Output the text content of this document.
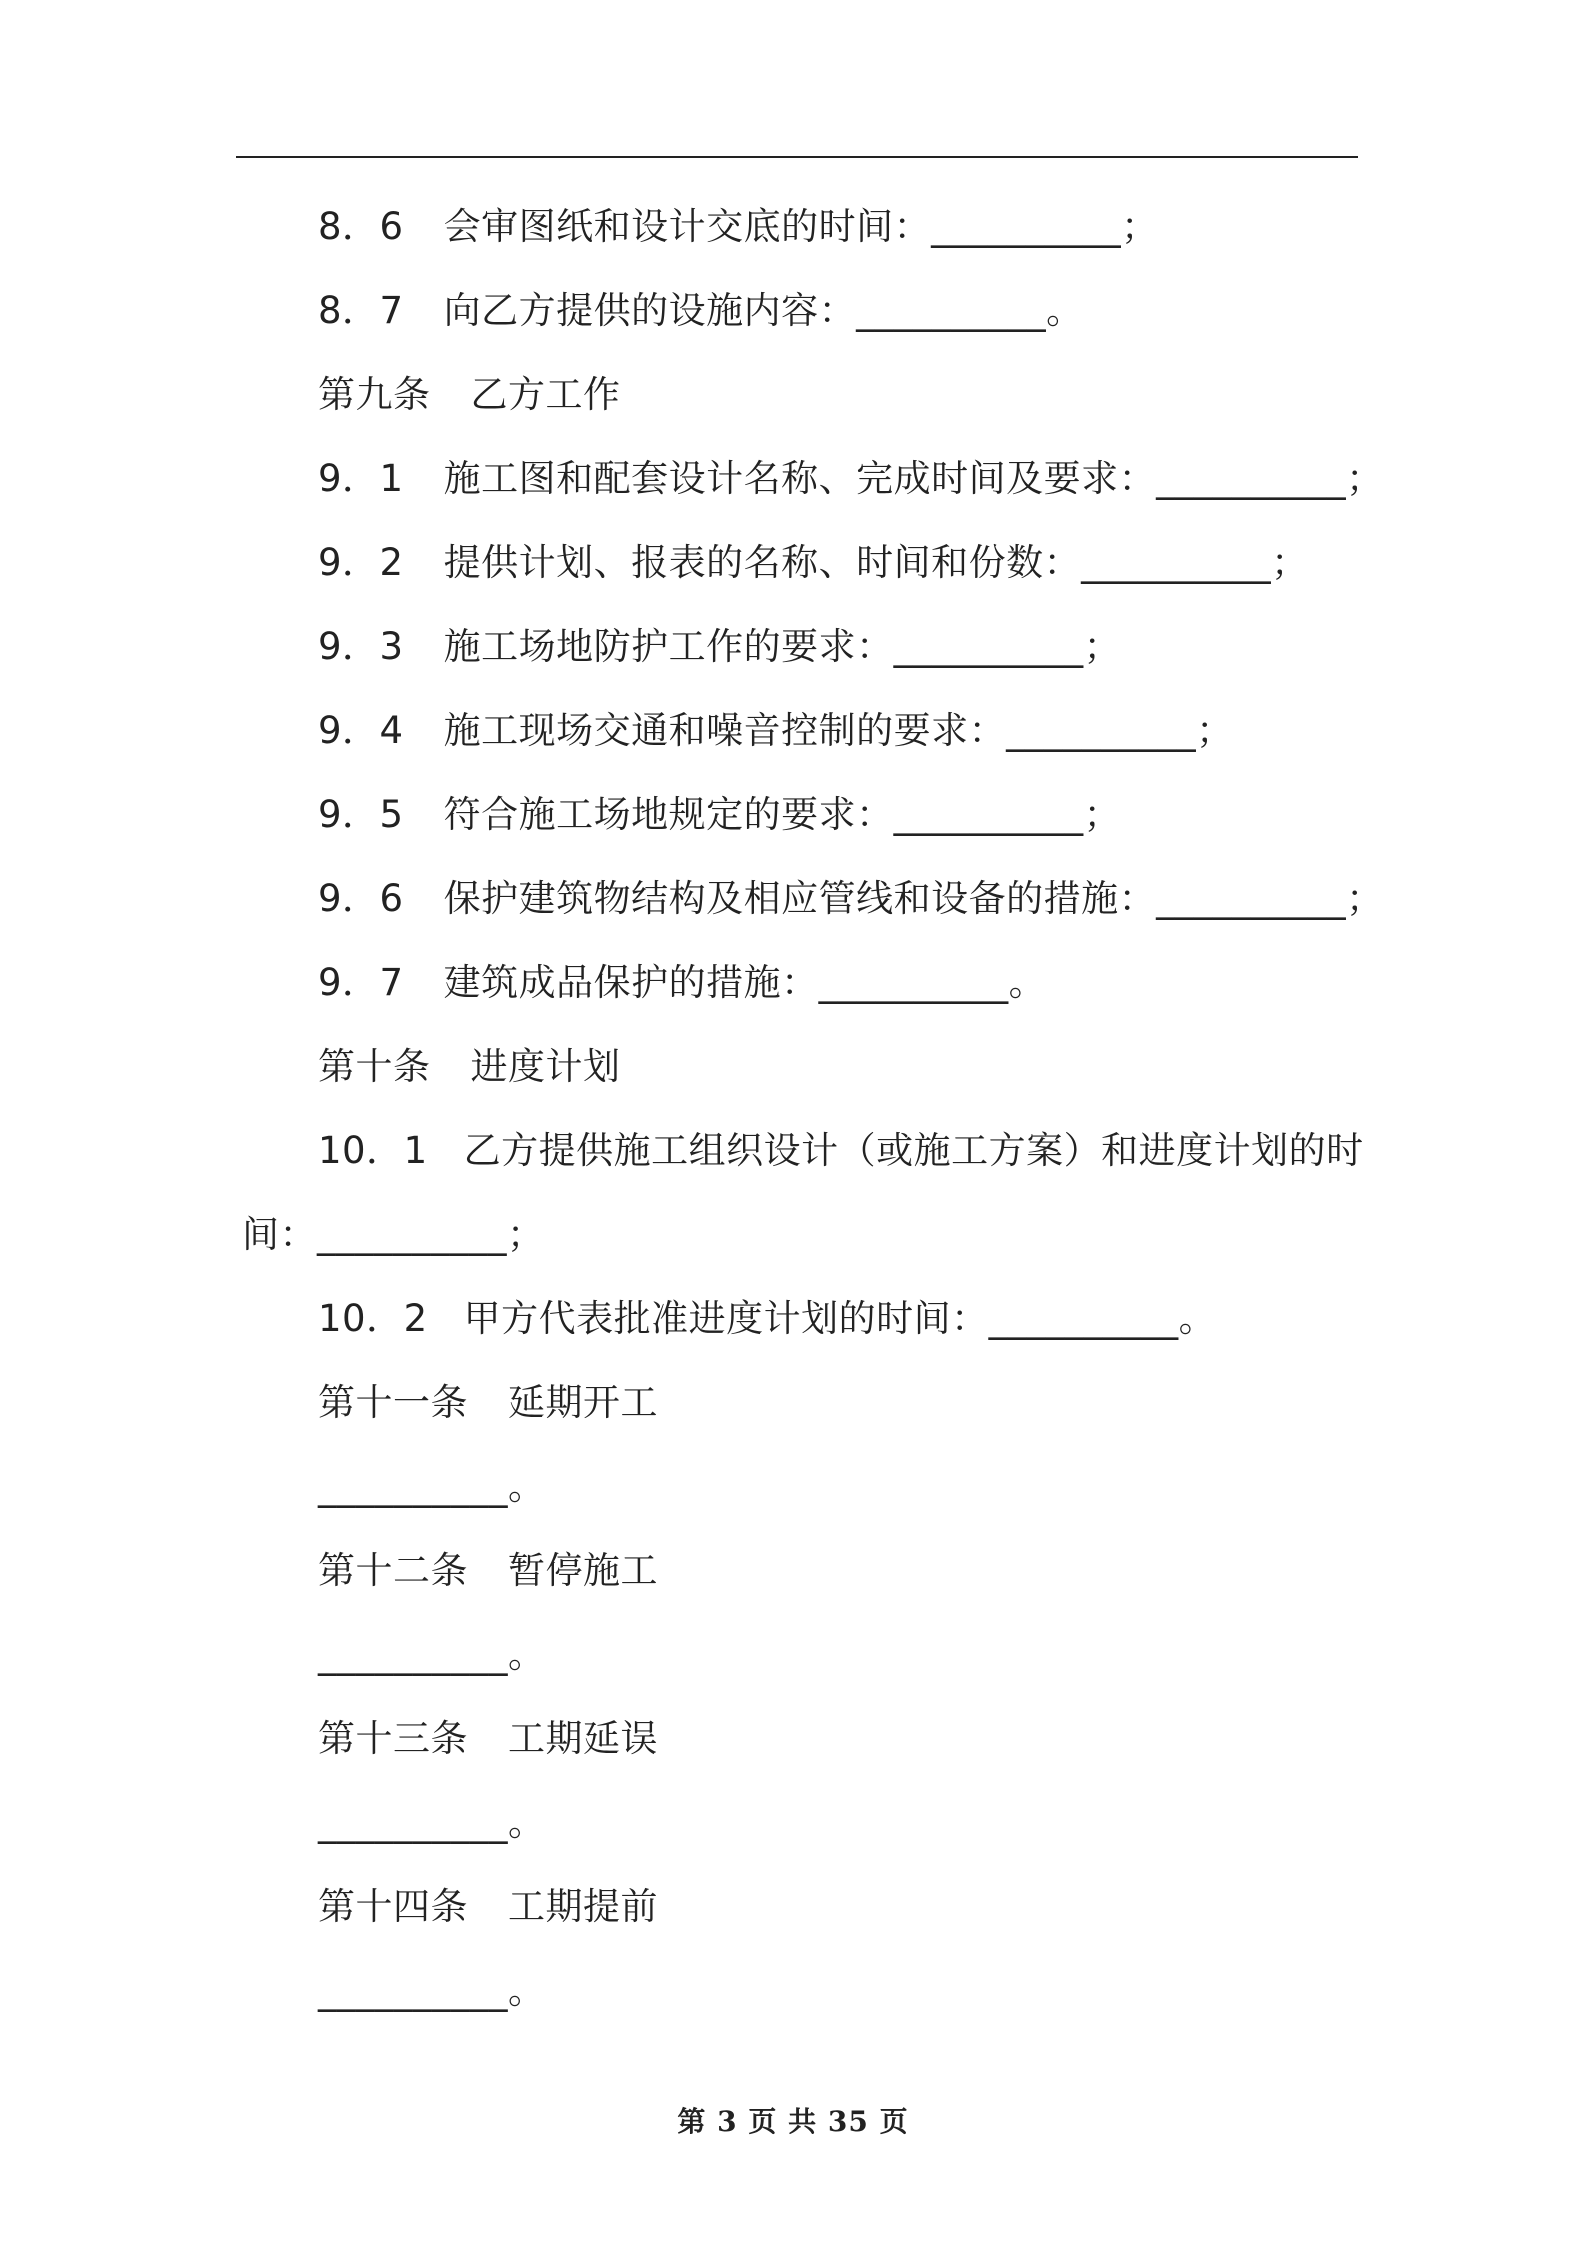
8．6 会审图纸和设计交底的时间：__________；
8．7 向乙方提供的设施内容：__________。
第九条 乙方工作
9．1 施工图和配套设计名称、完成时间及要求：__________；
9．2 提供计划、报表的名称、时间和份数：__________；
9．3 施工场地防护工作的要求：__________；
9．4 施工现场交通和噪音控制的要求：__________；
9．5 符合施工场地规定的要求：__________；
9．6 保护建筑物结构及相应管线和设备的措施：__________；
9．7 建筑成品保护的措施：__________。
第十条 进度计划
10．1 乙方提供施工组织设计（或施工方案）和进度计划的时
间：__________；
10．2 甲方代表批准进度计划的时间：__________。
第十一条 延期开工
__________。
第十二条 暂停施工
__________。
第十三条 工期延误
__________。
第十四条 工期提前
__________。
第 3 页 共 35 页
